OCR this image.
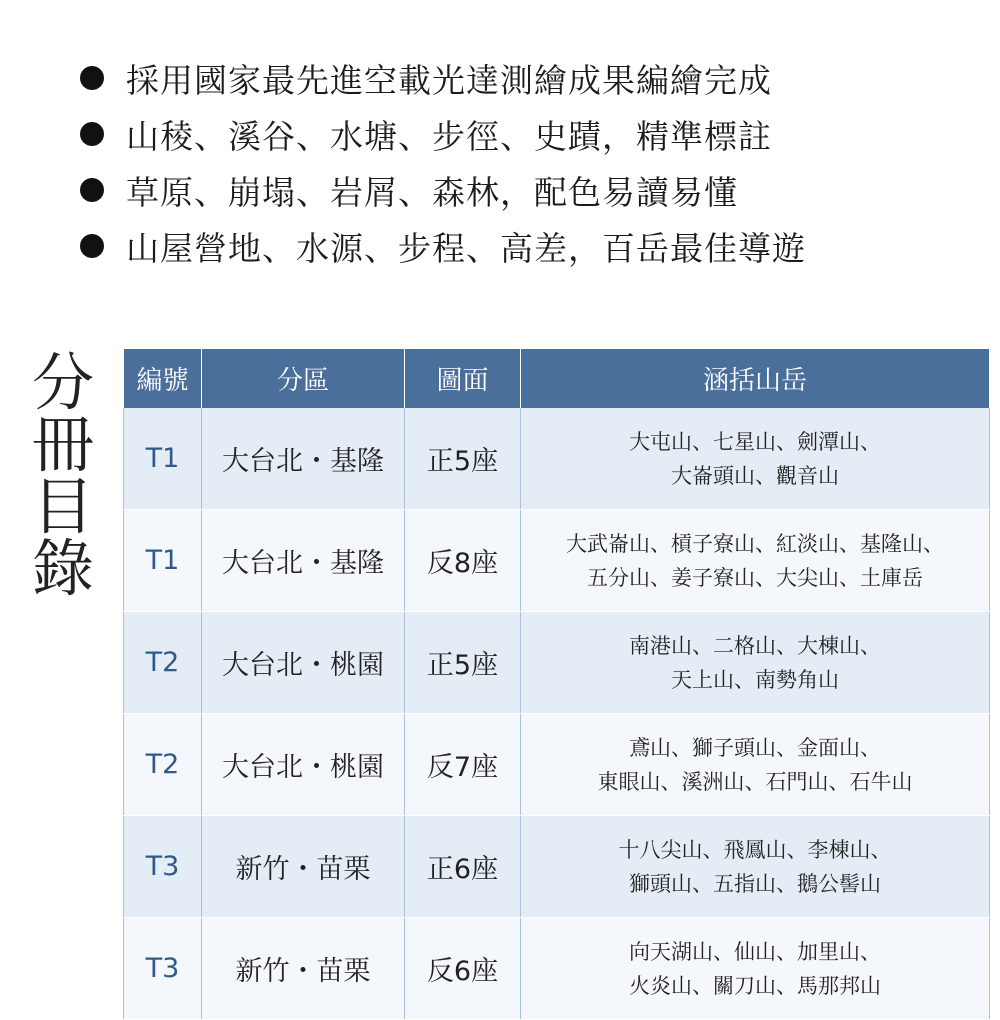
採用國家最先進空載光達測繪成果編繪完成
山稜、溪谷、水塘、步徑、史蹟，精準標註
草原、崩塌、岩屑、森林，配色易讀易懂
山屋營地、水源、步程、高差，百岳最佳導遊
分
冊
目
錄
編號	分區	圖面	涵括山岳
T1	大台北・基隆	正5座	大屯山、七星山、劍潭山、
大崙頭山、觀音山

T1	大台北・基隆	反8座	大武崙山、槓子寮山、紅淡山、基隆山、
五分山、姜子寮山、大尖山、土庫岳

T2	大台北・桃園	正5座	南港山、二格山、大棟山、
天上山、南勢角山

T2	大台北・桃園	反7座	鳶山、獅子頭山、金面山、
東眼山、溪洲山、石門山、石牛山

T3	新竹・苗栗	正6座	十八尖山、飛鳳山、李棟山、
獅頭山、五指山、鵝公髻山

T3	新竹・苗栗	反6座	向天湖山、仙山、加里山、
火炎山、關刀山、馬那邦山
